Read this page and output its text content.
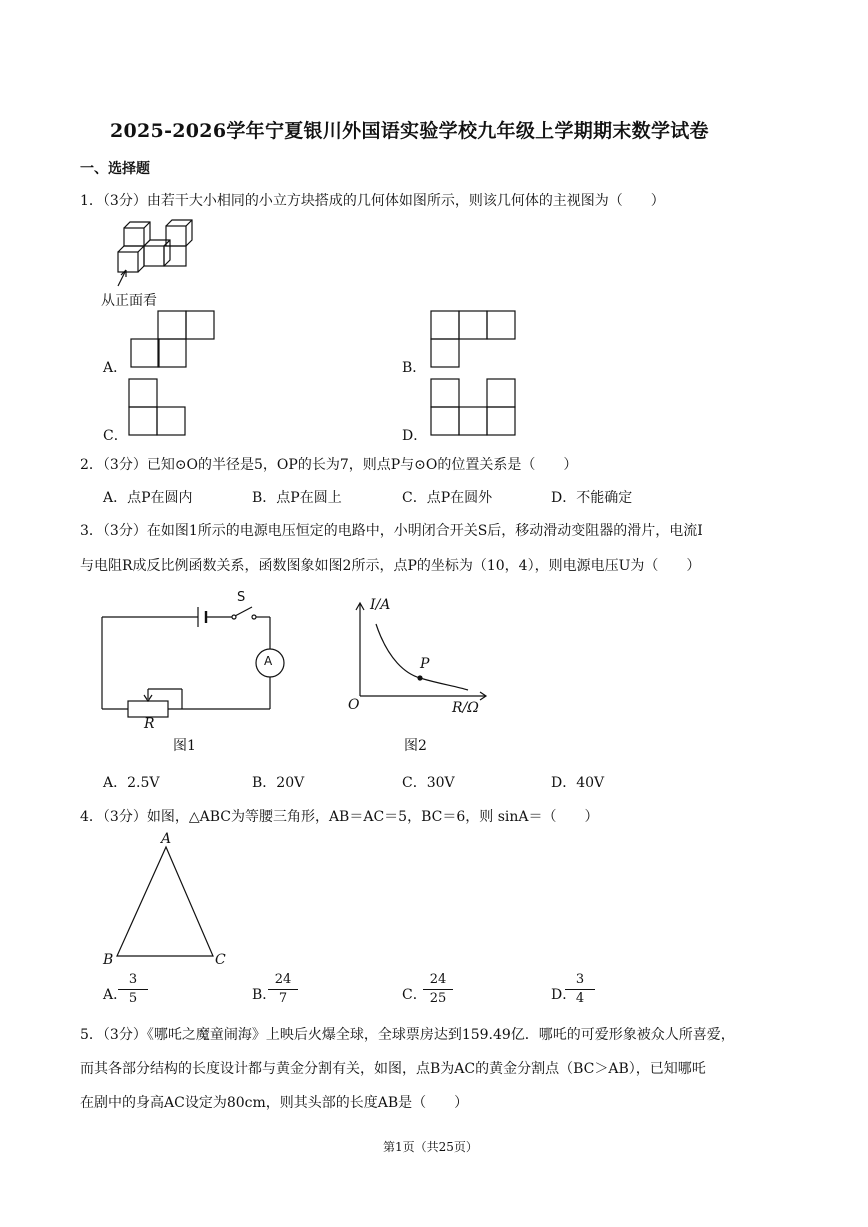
2025-2026学年宁夏银川外国语实验学校九年级上学期期末数学试卷
一、选择题
1．（3分）由若干大小相同的小立方块搭成的几何体如图所示，则该几何体的主视图为（　　）
从正面看
A．	B．
C．	D．
2．（3分）已知⊙O的半径是5，OP的长为7，则点P与⊙O的位置关系是（　　）
A．点P在圆内	B．点P在圆上	C．点P在圆外	D．不能确定
3．（3分）在如图1所示的电源电压恒定的电路中，小明闭合开关S后，移动滑动变阻器的滑片，电流I
与电阻R成反比例函数关系，函数图象如图2所示，点P的坐标为（10，4），则电源电压U为（　　）
S
A
R
图1
I/A
P
O	R/Ω
图2
A．2.5V	B．20V	C．30V	D．40V
4．（3分）如图，△ABC为等腰三角形，AB＝AC＝5，BC＝6，则 sinA＝（　　）
A
B	C
A．
3
5	B．
24
7	C．
24
25	D．
3
4
5．（3分）《哪吒之魔童闹海》上映后火爆全球，全球票房达到159.49亿．哪吒的可爱形象被众人所喜爱，
而其各部分结构的长度设计都与黄金分割有关，如图，点B为AC的黄金分割点（BC＞AB），已知哪吒
在剧中的身高AC设定为80cm，则其头部的长度AB是（　　）
第1页（共25页）
